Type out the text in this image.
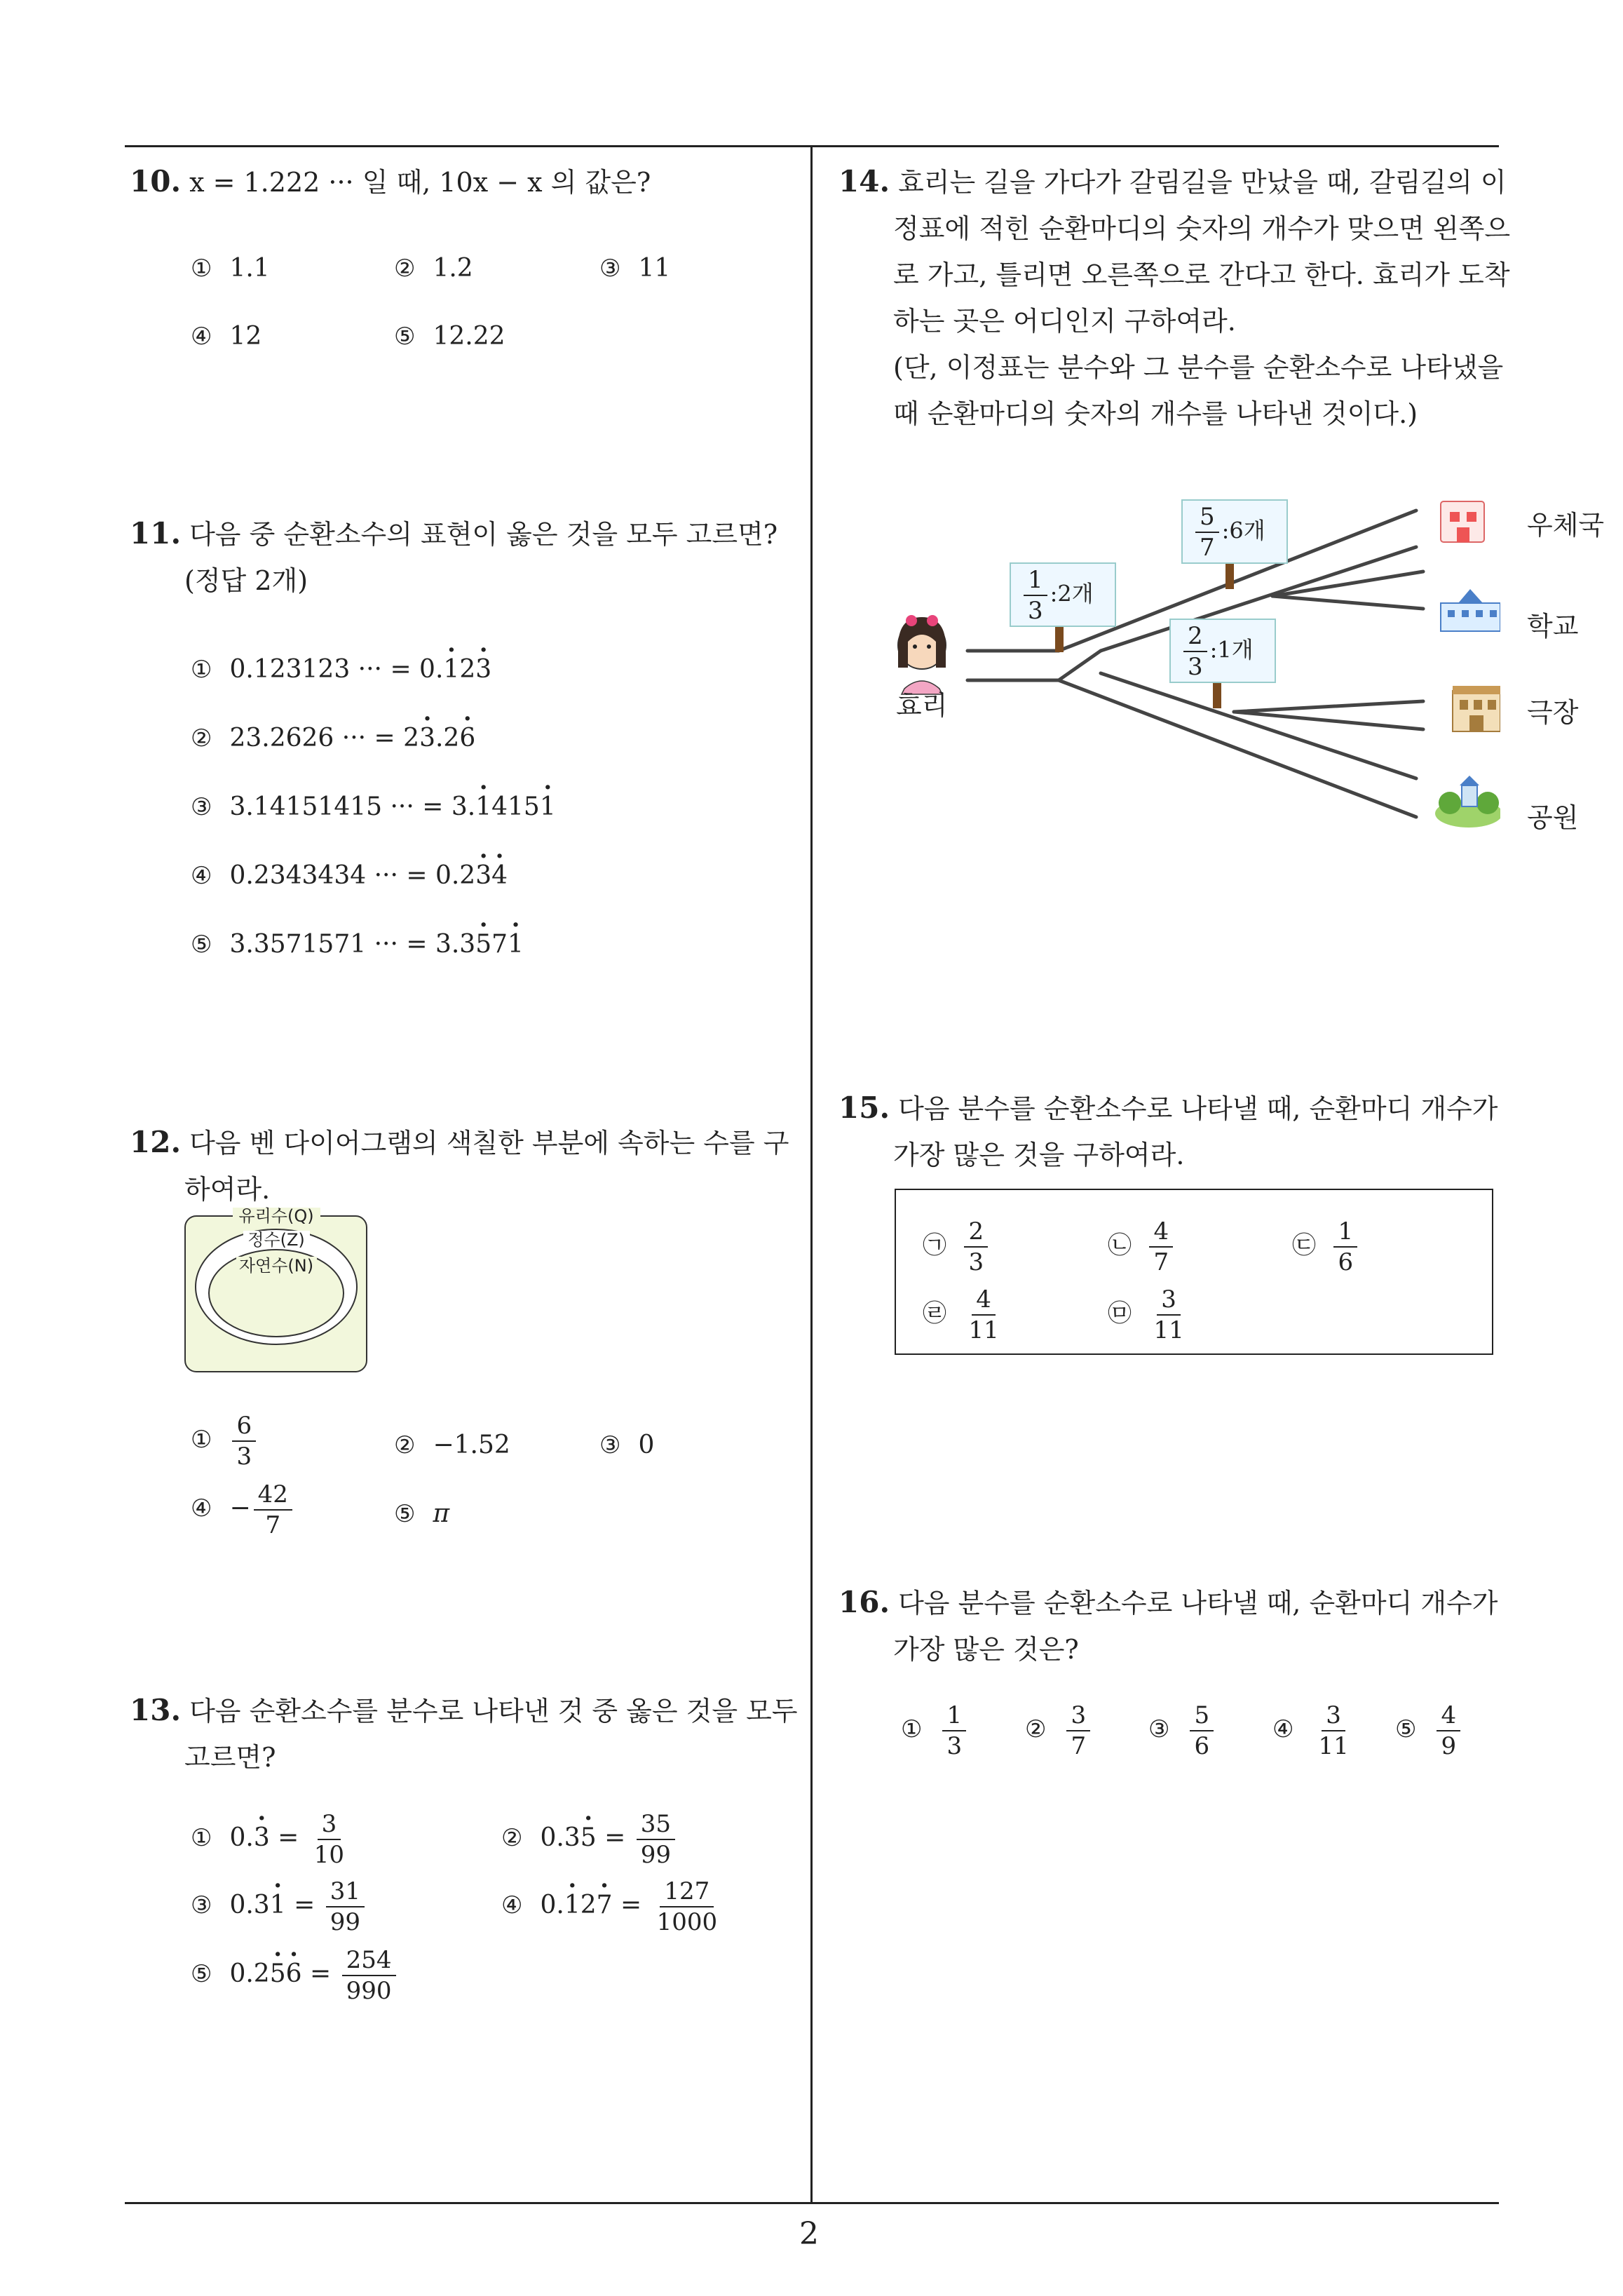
2
10. x = 1.222 ··· 일 때, 10x − x 의 값은?
① 1.1	② 1.2	③ 11
④ 12	⑤ 12.22
11. 다음 중 순환소수의 표현이 옳은 것을 모두 고르면?
(정답 2개)
① 0.123123 ··· = 0.· 12· 3
② 23.2626 ··· = 2· 3.2· 6
③ 3.14151415 ··· = 3.· 1415· 1
④ 0.2343434 ··· = 0.2· 3· 4
⑤ 3.3571571 ··· = 3.3· 57· 1
12. 다음 벤 다이어그램의 색칠한 부분에 속하는 수를 구
하여라.
유리수(Q)
정수(Z)
자연수(N)
① $\frac{6}{3}$	② −1.52	③ 0
④ − $\frac{42}{7}$	⑤ π
13. 다음 순환소수를 분수로 나타낸 것 중 옳은 것을 모두
고르면?
① $0.\cdot 3 = \frac{3}{10}$	② $0.3\cdot 5 = \frac{35}{99}$
③ $0.3\cdot 1 = \frac{31}{99}$	④ $0.\cdot 12\cdot 7 = \frac{127}{1000}$
⑤ $0.2\cdot 5\cdot 6 = \frac{254}{990}$
14. 효리는 길을 가다가 갈림길을 만났을 때, 갈림길의 이
정표에 적힌 순환마디의 숫자의 개수가 맞으면 왼쪽으
로 가고, 틀리면 오른쪽으로 간다고 한다. 효리가 도착
하는 곳은 어디인지 구하여라.
(단, 이정표는 분수와 그 분수를 순환소수로 나타냈을
때 순환마디의 숫자의 개수를 나타낸 것이다.)
$\frac{1}{3}$ :2개
$\frac{5}{7}$ :6개
$\frac{2}{3}$ :1개
효리
우체국
학교
극장
공원
15. 다음 분수를 순환소수로 나타낼 때, 순환마디 개수가
가장 많은 것을 구하여라.
㉠ $\frac{2}{3}$	㉡ $\frac{4}{7}$	㉢ $\frac{1}{6}$
㉣ $\frac{4}{11}$	㉤ $\frac{3}{11}$
16. 다음 분수를 순환소수로 나타낼 때, 순환마디 개수가
가장 많은 것은?
① $\frac{1}{3}$ ② $\frac{3}{7}$ ③ $\frac{5}{6}$ ④ $\frac{3}{11}$ ⑤ $\frac{4}{9}$
